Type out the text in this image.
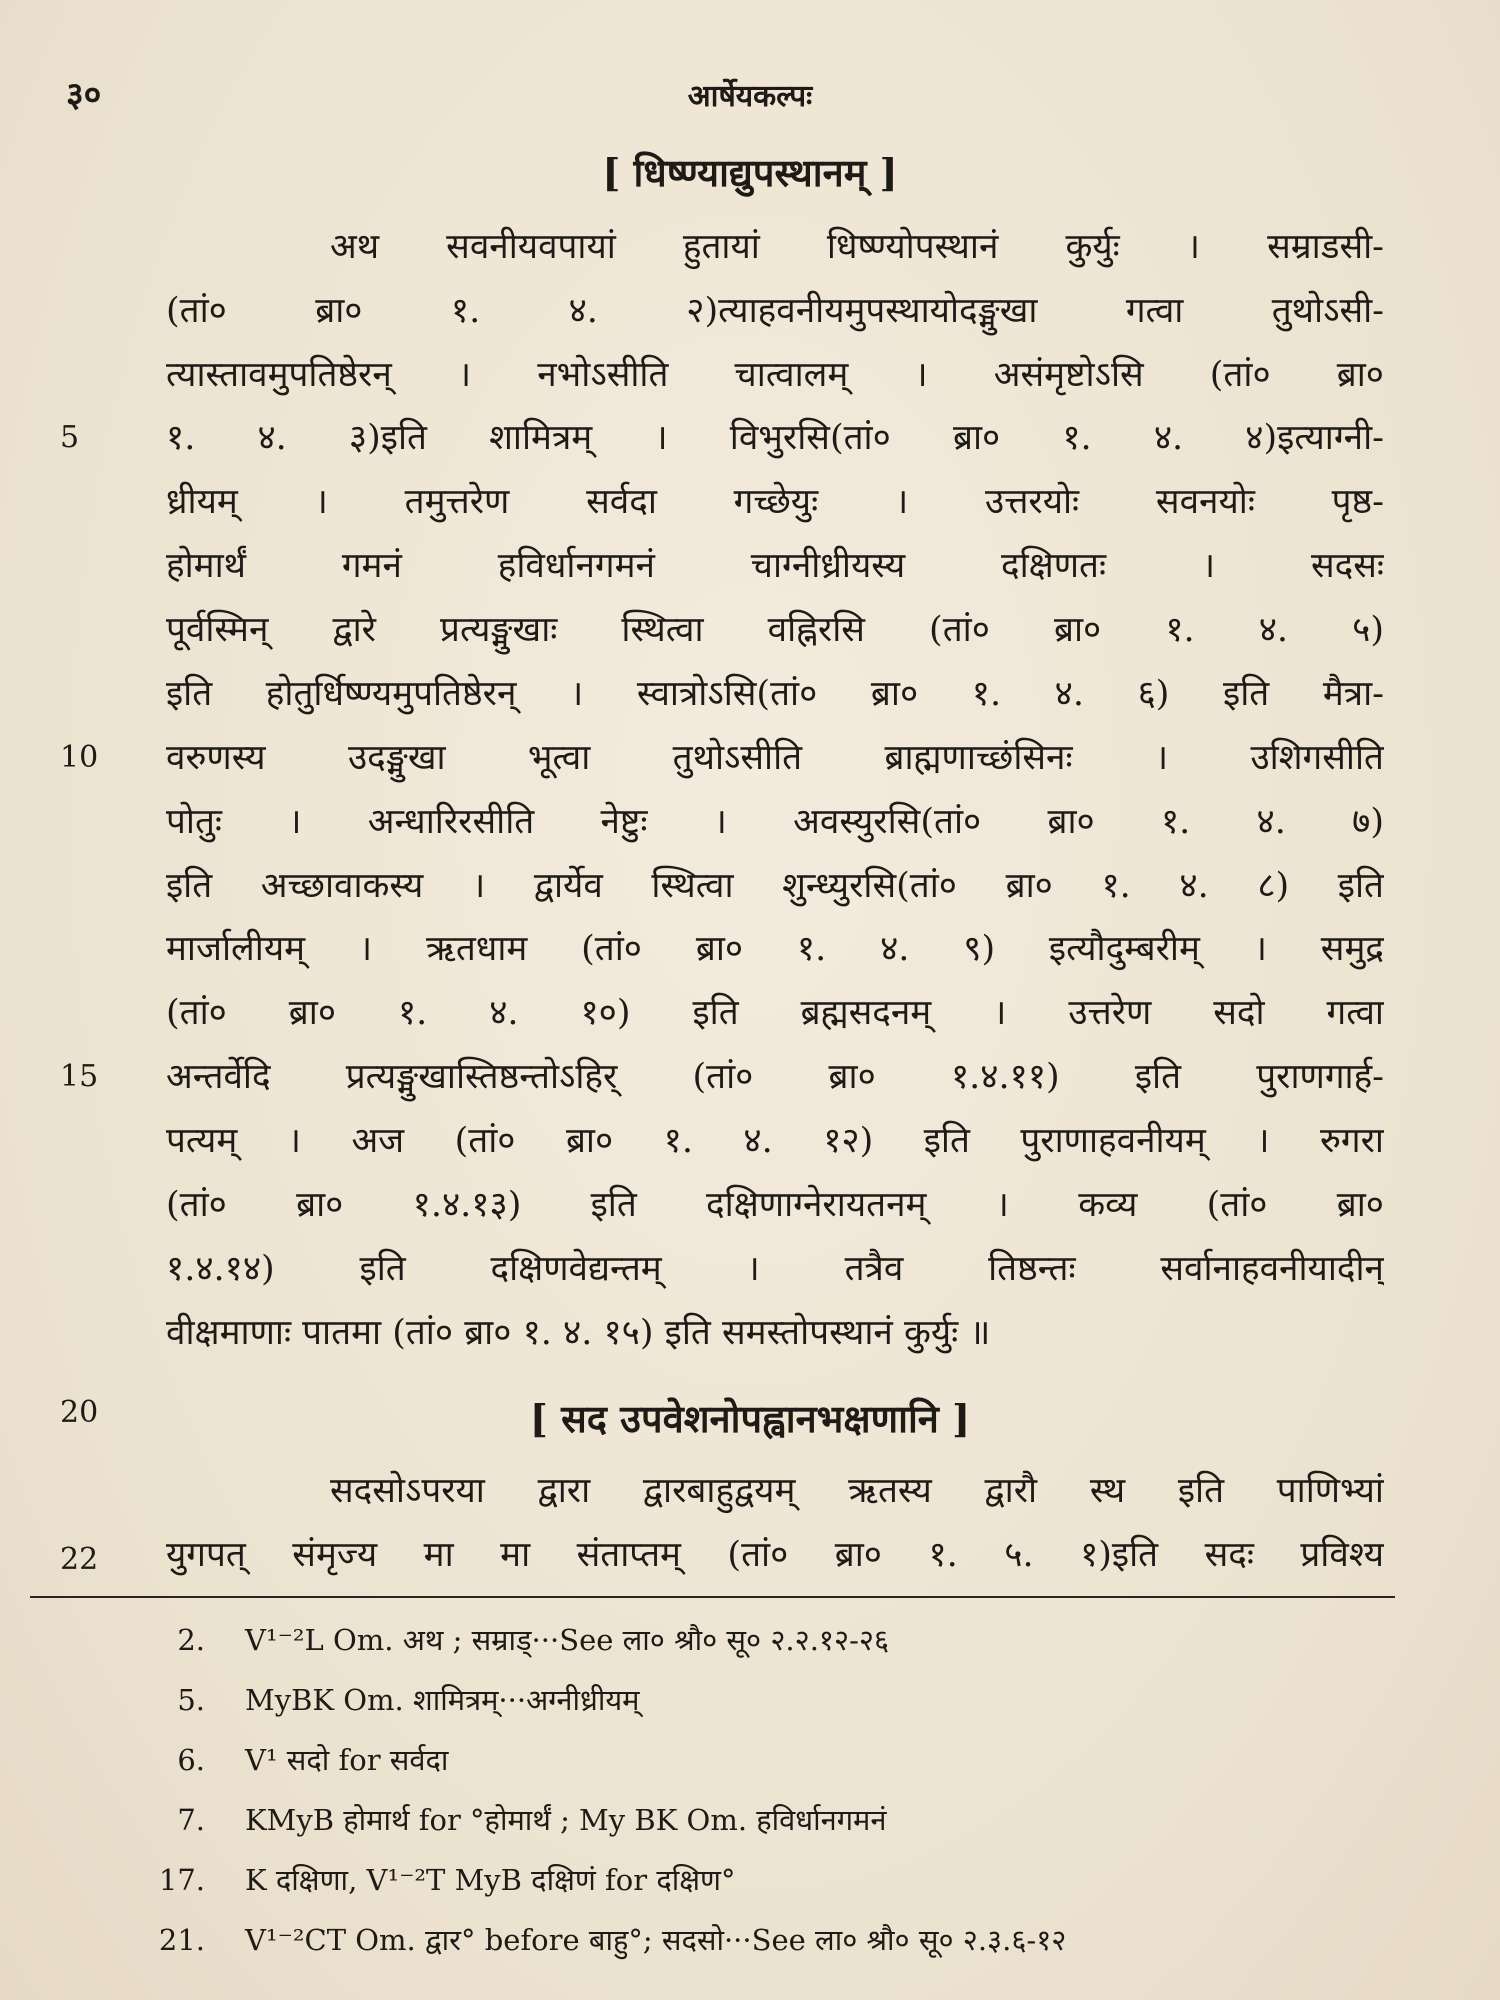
३०	आर्षेयकल्पः
[ धिष्ण्याद्युपस्थानम् ]
अथ सवनीयवपायां हुतायां धिष्ण्योपस्थानं कुर्युः । सम्राडसी-
(तां० ब्रा० १. ४. २)त्याहवनीयमुपस्थायोदङ्मुखा गत्वा तुथोऽसी-
त्यास्तावमुपतिष्ठेरन् । नभोऽसीति चात्वालम् । असंमृष्टोऽसि (तां० ब्रा०
१. ४. ३)इति शामित्रम् । विभुरसि(तां० ब्रा० १. ४. ४)इत्याग्नी-
ध्रीयम् । तमुत्तरेण सर्वदा गच्छेयुः । उत्तरयोः सवनयोः पृष्ठ-
होमार्थं गमनं हविर्धानगमनं चाग्नीध्रीयस्य दक्षिणतः । सदसः
पूर्वस्मिन् द्वारे प्रत्यङ्मुखाः स्थित्वा वह्निरसि (तां० ब्रा० १. ४. ५)
इति होतुर्धिष्ण्यमुपतिष्ठेरन् । स्वात्रोऽसि(तां० ब्रा० १. ४. ६) इति मैत्रा-
वरुणस्य उदङ्मुखा भूत्वा तुथोऽसीति ब्राह्मणाच्छंसिनः । उशिगसीति
पोतुः । अन्धारिरसीति नेष्टुः । अवस्युरसि(तां० ब्रा० १. ४. ७)
इति अच्छावाकस्य । द्वार्येव स्थित्वा शुन्ध्युरसि(तां० ब्रा० १. ४. ८) इति
मार्जालीयम् । ऋतधाम (तां० ब्रा० १. ४. ९) इत्यौदुम्बरीम् । समुद्र
(तां० ब्रा० १. ४. १०) इति ब्रह्मसदनम् । उत्तरेण सदो गत्वा
अन्तर्वेदि प्रत्यङ्मुखास्तिष्ठन्तोऽहिर् (तां० ब्रा० १.४.११) इति पुराणगार्ह-
पत्यम् । अज (तां० ब्रा० १. ४. १२) इति पुराणाहवनीयम् । रुगरा
(तां० ब्रा० १.४.१३) इति दक्षिणाग्नेरायतनम् । कव्य (तां० ब्रा०
१.४.१४) इति दक्षिणवेद्यन्तम् । तत्रैव तिष्ठन्तः सर्वानाहवनीयादीन्
वीक्षमाणाः पातमा (तां० ब्रा० १. ४. १५) इति समस्तोपस्थानं कुर्युः ॥
[ सद उपवेशनोपह्वानभक्षणानि ]
सदसोऽपरया द्वारा द्वारबाहुद्वयम् ऋतस्य द्वारौ स्थ इति पाणिभ्यां
युगपत् संमृज्य मा मा संताप्तम् (तां० ब्रा० १. ५. १)इति सदः प्रविश्य
5
10
15
20
22
2. V¹⁻²L Om. अथ ; सम्राड्···See ला० श्रौ० सू० २.२.१२-२६
5. MyBK Om. शामित्रम्···अग्नीध्रीयम्
6. V¹ सदो for सर्वदा
7. KMyB होमार्थ for °होमार्थं ; My BK Om. हविर्धानगमनं
17. K दक्षिणा, V¹⁻²T MyB दक्षिणं for दक्षिण°
21. V¹⁻²CT Om. द्वार° before बाहु°; सदसो···See ला० श्रौ० सू० २.३.६-१२
